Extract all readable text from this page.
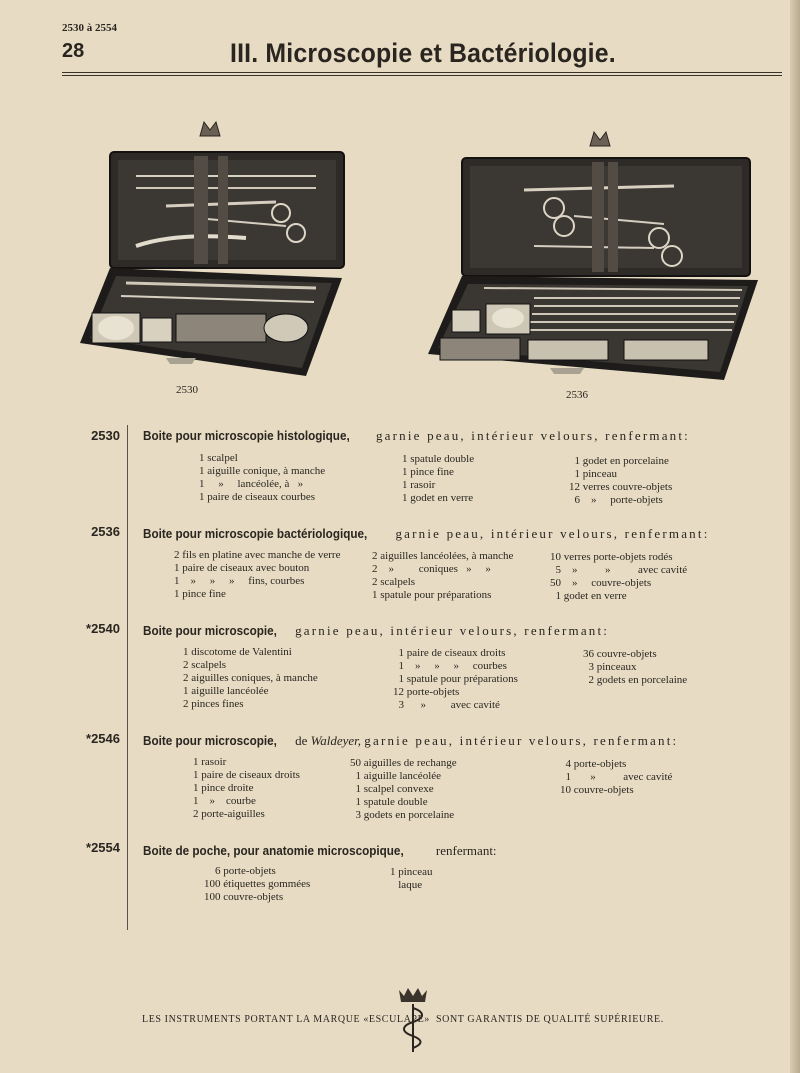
2530 à 2554
28	III. Microscopie et Bactériologie.
2530	2536
2530 Boite pour microscopie histologique, garnie peau, intérieur velours, renfermant:
1 scalpel
1 aiguille conique, à manche
1     »     lancéolée, à   »
1 paire de ciseaux courbes
1 spatule double
1 pince fine
1 rasoir
1 godet en verre
1 godet en porcelaine
1 pinceau
12 verres couvre-objets
6    »     porte-objets
2536 Boite pour microscopie bactériologique, garnie peau, intérieur velours, renfermant:
2 fils en platine avec manche de verre
1 paire de ciseaux avec bouton
1    »     »     »     fins, courbes
1 pince fine
2 aiguilles lancéolées, à manche
2    »         coniques   »     »
2 scalpels
1 spatule pour préparations
10 verres porte-objets rodés
5    »          »          avec cavité
50    »     couvre-objets
1 godet en verre
*2540 Boite pour microscopie, garnie peau, intérieur velours, renfermant:
1 discotome de Valentini
2 scalpels
2 aiguilles coniques, à manche
1 aiguille lancéolée
2 pinces fines
1 paire de ciseaux droits
1    »     »     »     courbes
1 spatule pour préparations
12 porte-objets
3      »         avec cavité
36 couvre-objets
3 pinceaux
2 godets en porcelaine
*2546 Boite pour microscopie, de Waldeyer, garnie peau, intérieur velours, renfermant:
1 rasoir
1 paire de ciseaux droits
1 pince droite
1    »    courbe
2 porte-aiguilles
50 aiguilles de rechange
1 aiguille lancéolée
1 scalpel convexe
1 spatule double
3 godets en porcelaine
4 porte-objets
1       »          avec cavité
10 couvre-objets
*2554 Boite de poche, pour anatomie microscopique, renfermant:
6 porte-objets
100 étiquettes gommées
100 couvre-objets
1 pinceau
laque
LES INSTRUMENTS PORTANT LA MARQUE «ESCULAPE» SONT GARANTIS DE QUALITÉ SUPÉRIEURE.
